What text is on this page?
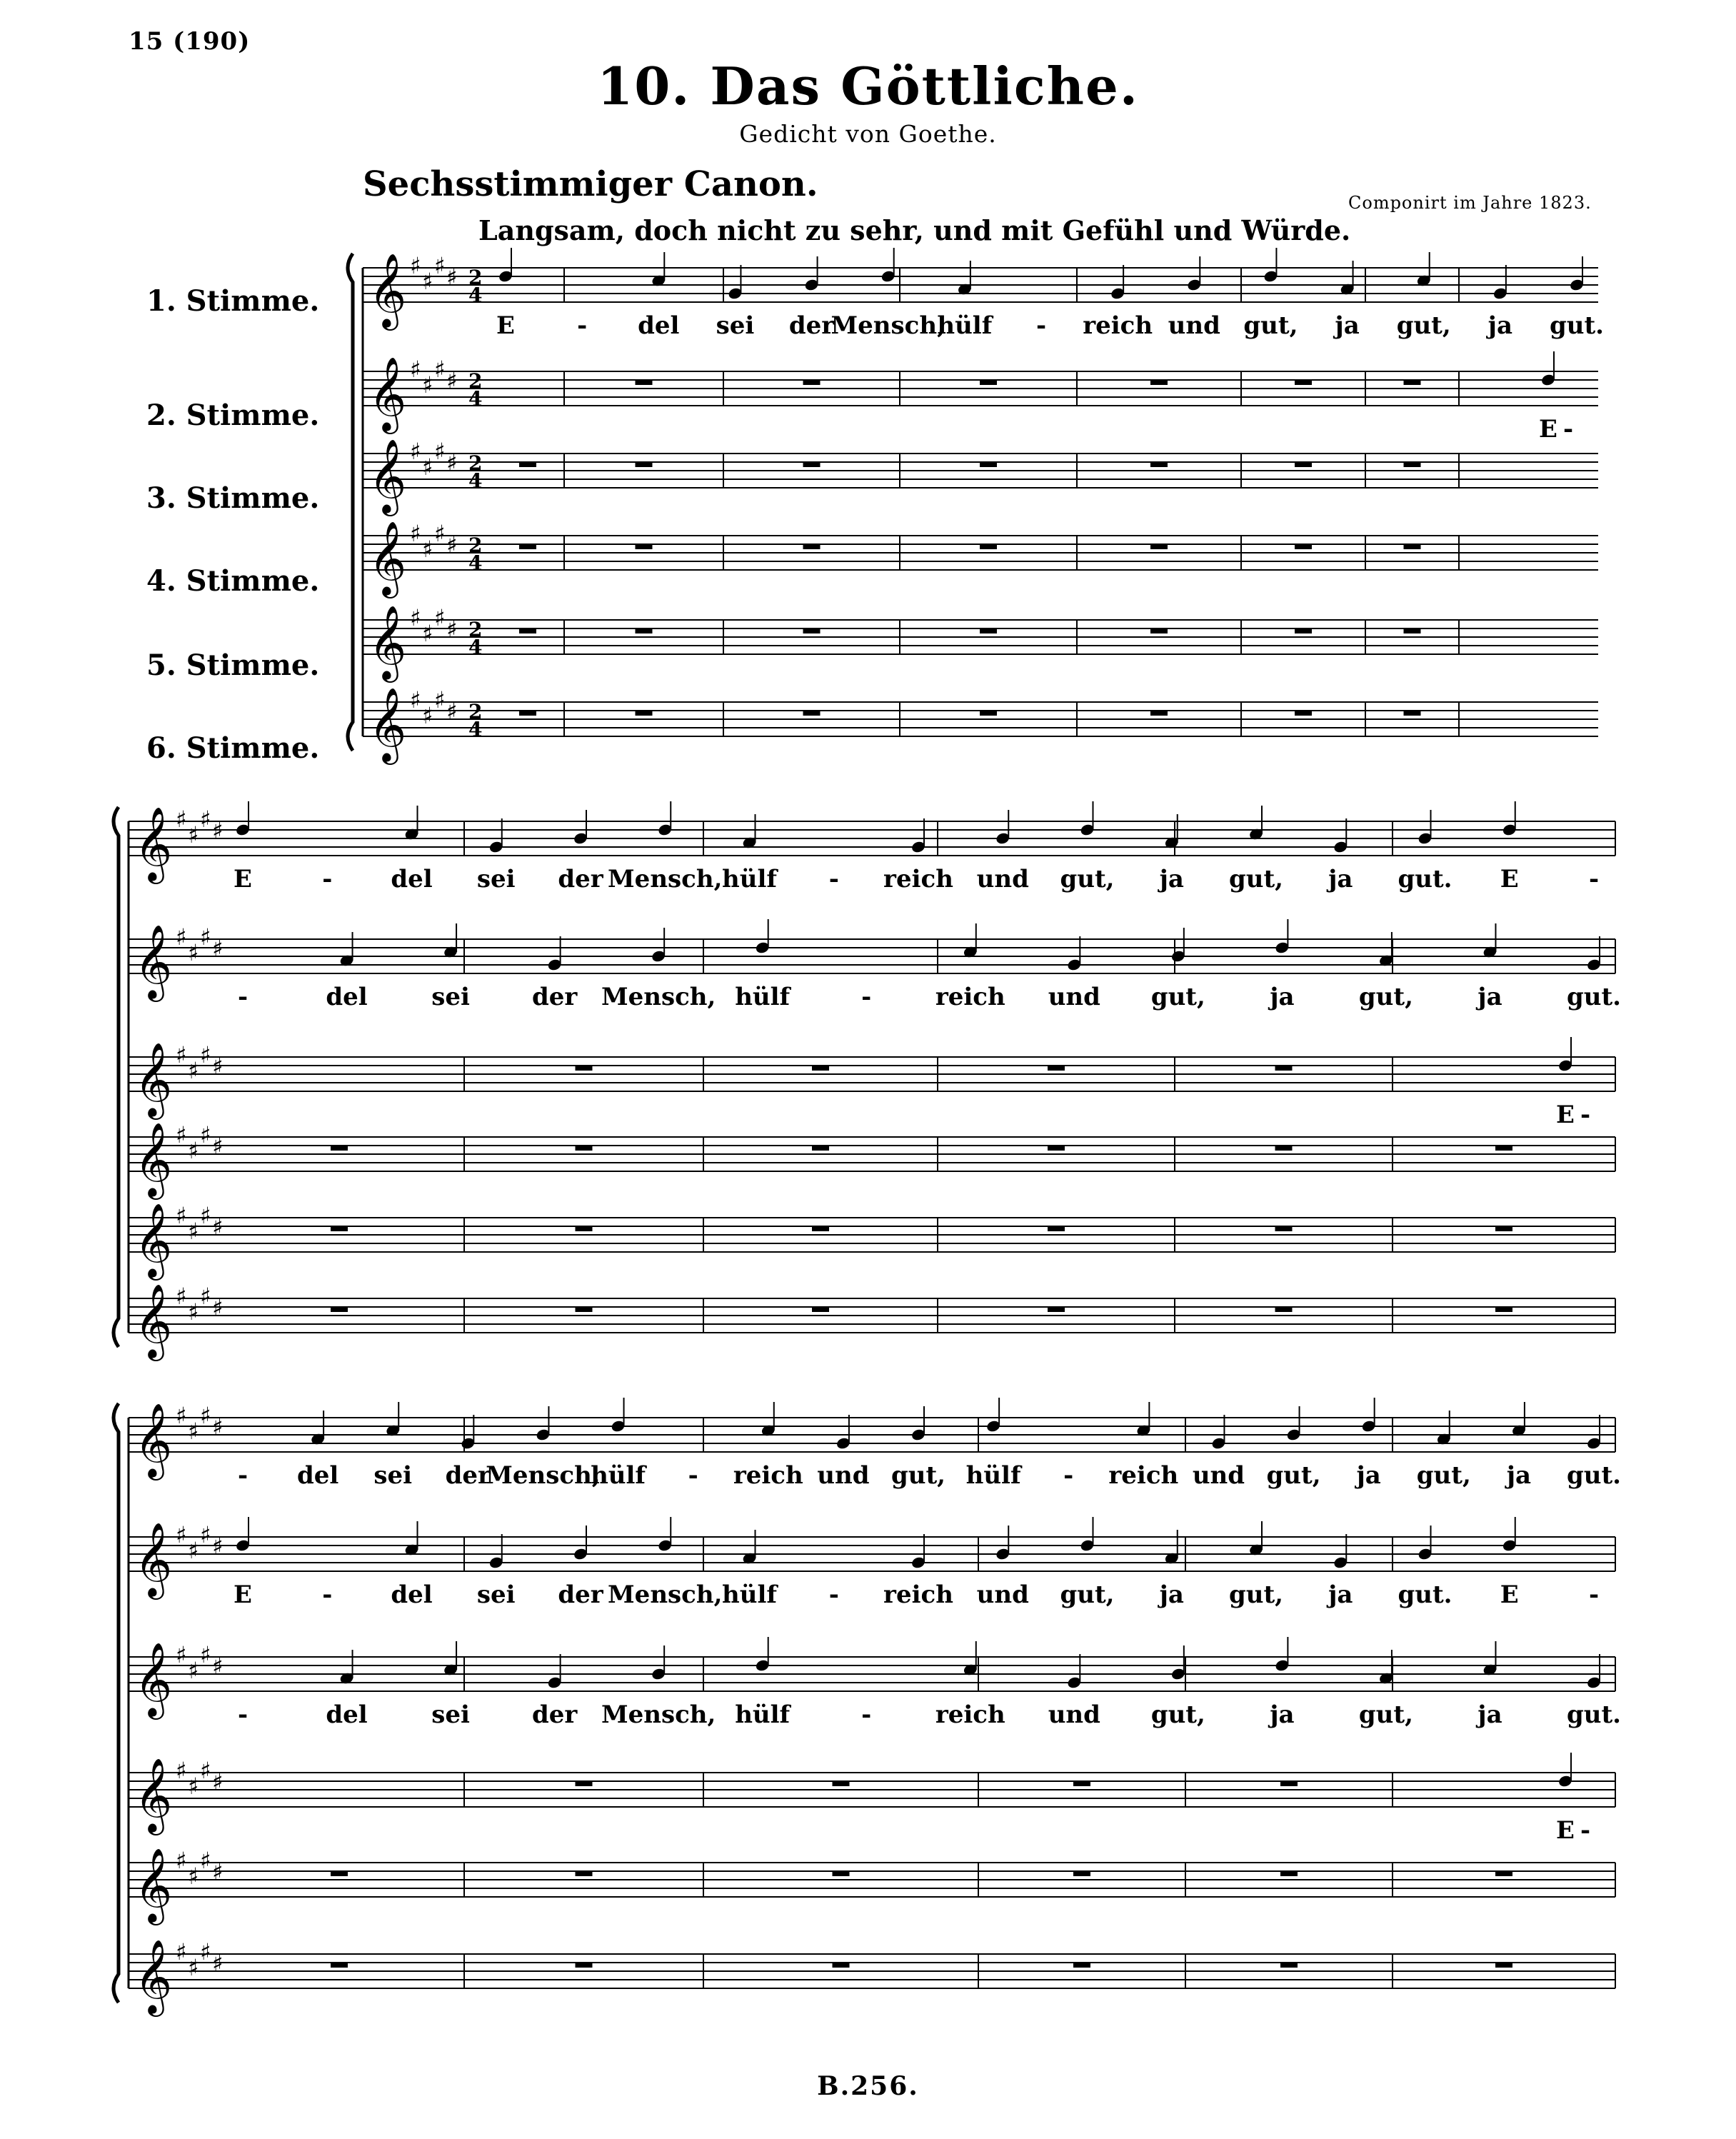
15 (190)
10. Das Göttliche.
Gedicht von Goethe.
Sechsstimmiger Canon.	Componirt im Jahre 1823.
Langsam, doch nicht zu sehr, und mit Gefühl und Würde.
1. Stimme.
2. Stimme.
3. Stimme.
4. Stimme.
5. Stimme.
6. Stimme.
𝄞 ♯
♯
♯ ♯ 2
4
E	- del sei der
Mensch,
hülf - reich und gut, ja gut, ja gut.
𝄞 ♯
♯
♯ ♯ 2
4
E -
𝄞 ♯
♯
♯ ♯ 2
4
𝄞 ♯
♯
♯ ♯ 2
4
𝄞 ♯
♯
♯ ♯ 2
4
𝄞 ♯
♯
♯ ♯ 2
4
𝄞 ♯
♯
♯ ♯
E	- del sei der Mensch, hülf - reich und gut, ja gut, ja gut. E	-
𝄞 ♯
♯
♯ ♯
-	del	sei	der Mensch, hülf	-	reich und gut,	ja	gut,	ja	gut.
𝄞 ♯
♯
♯ ♯
E -
𝄞 ♯
♯
♯ ♯
𝄞 ♯
♯
♯ ♯
𝄞 ♯
♯
♯ ♯
𝄞 ♯
♯
♯ ♯
- del sei der
Mensch,
hülf - reich und gut, hülf - reich und gut, ja gut, ja gut.
𝄞 ♯
♯
♯ ♯
E	- del sei der Mensch, hülf - reich und gut, ja gut, ja gut. E	-
𝄞 ♯
♯
♯ ♯
-	del	sei	der Mensch, hülf	-	reich und gut,	ja	gut,	ja	gut.
𝄞 ♯
♯
♯ ♯
E -
𝄞 ♯
♯
♯ ♯
𝄞 ♯
♯
♯ ♯
B.256.
